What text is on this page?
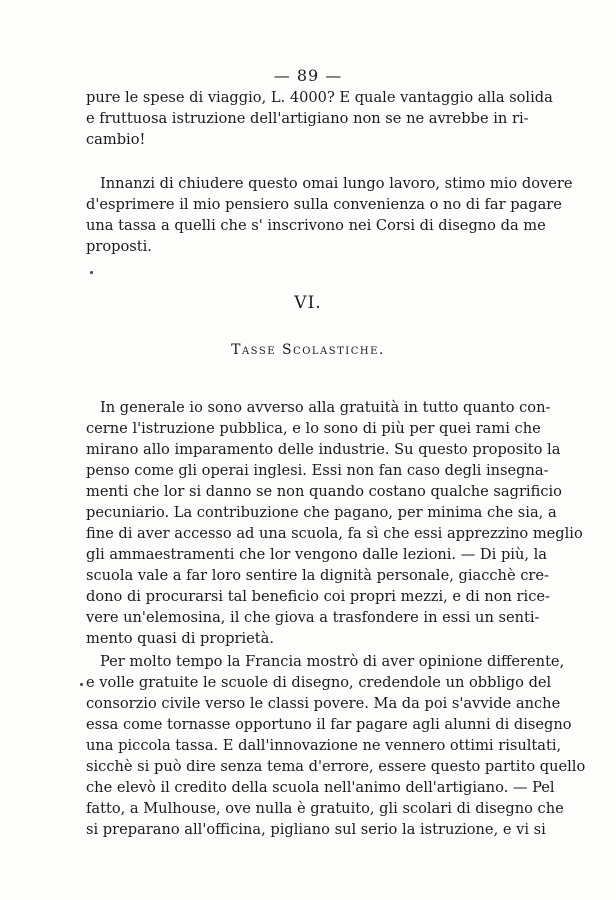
— 89 —
pure le spese di viaggio, L. 4000? E quale vantaggio alla solida
e fruttuosa istruzione dell'artigiano non se ne avrebbe in ri-
cambio!
Innanzi di chiudere questo omai lungo lavoro, stimo mio dovere
d'esprimere il mio pensiero sulla convenienza o no di far pagare
una tassa a quelli che s' inscrivono nei Corsi di disegno da me
proposti.
VI.
Tasse Scolastiche.
In generale io sono avverso alla gratuità in tutto quanto con-
cerne l'istruzione pubblica, e lo sono di più per quei rami che
mirano allo imparamento delle industrie. Su questo proposito la
penso come gli operai inglesi. Essi non fan caso degli insegna-
menti che lor si danno se non quando costano qualche sagrificio
pecuniario. La contribuzione che pagano, per minima che sia, a
fine di aver accesso ad una scuola, fa sì che essi apprezzino meglio
gli ammaestramenti che lor vengono dalle lezioni. — Di più, la
scuola vale a far loro sentire la dignità personale, giacchè cre-
dono di procurarsi tal beneficio coi propri mezzi, e di non rice-
vere un'elemosina, il che giova a trasfondere in essi un senti-
mento quasi di proprietà.
Per molto tempo la Francia mostrò di aver opinione differente,
e volle gratuite le scuole di disegno, credendole un obbligo del
consorzio civile verso le classi povere. Ma da poi s'avvide anche
essa come tornasse opportuno il far pagare agli alunni di disegno
una piccola tassa. E dall'innovazione ne vennero ottimi risultati,
sicchè si può dire senza tema d'errore, essere questo partito quello
che elevò il credito della scuola nell'animo dell'artigiano. — Pel
fatto, a Mulhouse, ove nulla è gratuito, gli scolari di disegno che
si preparano all'officina, pigliano sul serio la istruzione, e vi si
